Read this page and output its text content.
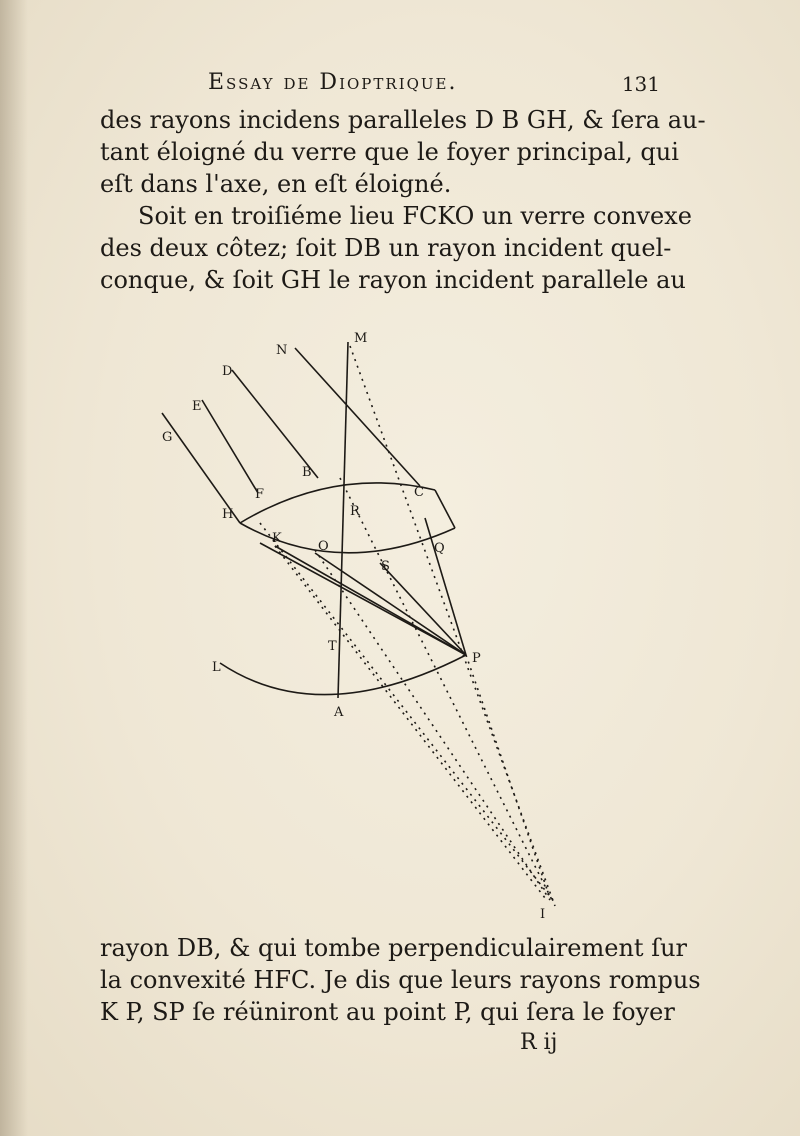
Essay de Dioptrique.	131
des rayons incidens paralleles D B GH, & ſera au-
tant éloigné du verre que le foyer principal, qui
eſt dans l'axe, en eſt éloigné.
Soit en troiſiéme lieu FCKO un verre convexe
des deux côtez; ſoit DB un rayon incident quel-
conque, & ſoit GH le rayon incident parallele au
M
N
D
E
G
B
F	C
H	R
K
O	Q
S
T
P
L
A
I
rayon DB, & qui tombe perpendiculairement ſur
la convexité HFC. Je dis que leurs rayons rompus
K P, SP ſe réüniront au point P, qui ſera le foyer
R ij
